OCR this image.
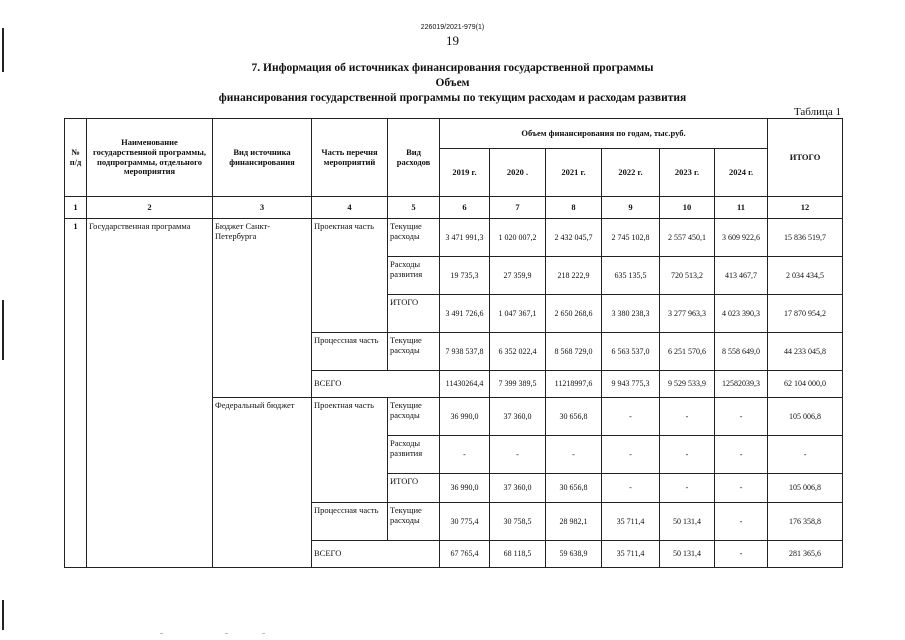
226019/2021-979(1)
19
7. Информация об источниках финансирования государственной программы
Объем
финансирования государственной программы по текущим расходам и расходам развития
Таблица 1
№ п/д	Наименование государственной программы, подпрограммы, отдельного мероприятия	Вид источника финансирования	Часть перечня мероприятий	Вид расходов	Объем финансирования по годам, тыс.руб.						ИТОГО
					2019 г.	2020 .	2021 г.	2022 г.	2023 г.	2024 г.	
1	2	3	4	5	6	7	8	9	10	11	12
1	Государственная программа	Бюджет Санкт-Петербурга	Проектная часть	Текущие расходы	3 471 991,3	1 020 007,2	2 432 045,7	2 745 102,8	2 557 450,1	3 609 922,6	15 836 519,7
				Расходы развития	19 735,3	27 359,9	218 222,9	635 135,5	720 513,2	413 467,7	2 034 434,5
				ИТОГО	3 491 726,6	1 047 367,1	2 650 268,6	3 380 238,3	3 277 963,3	4 023 390,3	17 870 954,2
			Процессная часть	Текущие расходы	7 938 537,8	6 352 022,4	8 568 729,0	6 563 537,0	6 251 570,6	8 558 649,0	44 233 045,8
			ВСЕГО		11430264,4	7 399 389,5	11218997,6	9 943 775,3	9 529 533,9	12582039,3	62 104 000,0
		Федеральный бюджет	Проектная часть	Текущие расходы	36 990,0	37 360,0	30 656,8	-	-	-	105 006,8
				Расходы развития	-	-	-	-	-	-	-
				ИТОГО	36 990,0	37 360,0	30 656,8	-	-	-	105 006,8
			Процессная часть	Текущие расходы	30 775,4	30 758,5	28 982,1	35 711,4	50 131,4	-	176 358,8
			ВСЕГО		67 765,4	68 118,5	59 638,9	35 711,4	50 131,4	-	281 365,6
